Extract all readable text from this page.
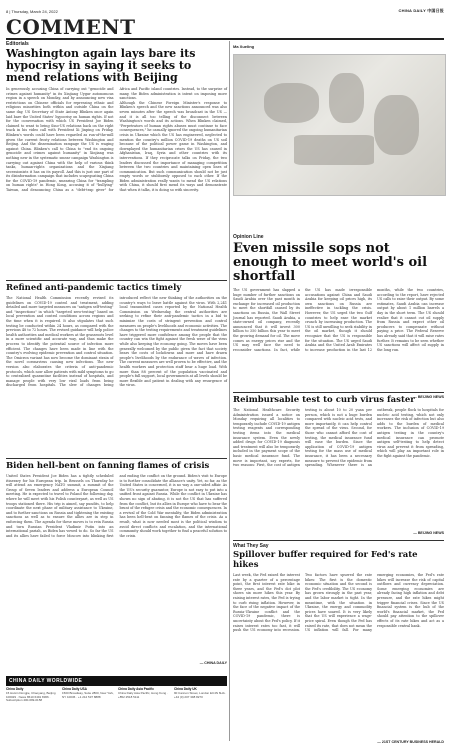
8 | Thursday, March 24, 2022	CHINA DAILY 中国日报
COMMENT
Editorials
Washington again lays bare its hypocrisy in saying it seeks to mend relations with Beijing

In generously accusing China of carrying out "genocide and crimes against humanity" in its Xinjiang Uygur autonomous region in a speech on Monday, and by announcing new visa restrictions on Chinese officials for repressing ethnic and religious minorities both within and outside China on the same day, US Secretary of State Antony Blinken once again laid bare the United States' hypocrisy on human rights. If not for the conversation with which US President Joe Biden claimed to want to bring Sino-US relations back on the right track in his video call with President Xi Jinping on Friday, Blinken's words could have been regarded as run-of-the-mill given the current frosty relations between Washington and Beijing. And the dissemination rampage the US is waging against China. Blinken's call to China to "end its ongoing genocide and crimes against humanity" in Xinjiang was nothing new in the systematic smear campaign Washington is carrying out against China with the help of various think tanks, human-rights organizations and the Xinjiang secessionists it has on its payroll. And this is just one part of its disinformation campaign that includes scapegoating China for the COVID-19 pandemic, smearing China for "trampling on human rights" in Hong Kong, accusing it of "bullying" Taiwan, and denouncing China as a "debt-trap giver" for Africa and Pacific island countries. Instead, to the surprise of many, the Biden administration is intent on imposing more sanctions.

Although the Chinese Foreign Minister's response to Blinken's speech and the new sanctions announced was also seven minutes after the speech was broadcast in the US — and it is all too telling of the disconnect between Washington's words and its actions. When Blinken claimed, "Perpetrators of human rights abuses must continue to face consequences," he casually ignored the ongoing humanitarian crisis in Ukraine which the US has engineered, neglected to mention the country's million COVID-19 deaths on US soil because of the political power game in Washington, and downplayed the humanitarian crises the US has caused in Afghanistan, Iraq, Syria and other countries with its interventions. If they reciprocate talks on Friday, the two leaders discussed the importance of managing competition between the two countries and maintaining open lines of communication. But such communication should not be just empty words or stubbornly opposed to each other. If the Biden administration really wants to mend the US relations with China, it should first mend its ways and demonstrate that when it talks, it is doing so with sincerity.

Refined anti-pandemic tactics timely

The National Health Commission recently revised its guidelines on COVID-19 control and treatment, adding detailed and more targeted measures on "antigen self-testing" and "inspections" in which "targeted zero-testing" based on local prevention and control conditions across regions and the time when it is required. It also stipulates that such testing be conducted within 24 hours, as compared with the previous 48 to 72 hours. The revised guidance will help police health authorities and medical workers at the grassroots level in a more scientific and accurate way, and thus make the process to identify the potential source of infection more efficient. The changes have been made in line with the country's evolving epidemic prevention and control situation. The Omicron variant has now become the dominant strain of the novel coronavirus causing new infections. The new version also elaborates the criteria of anti-pandemic protocols, which now allow patients with mild symptoms to go to centralized quarantine facilities instead of hospitals, and manage people with very low viral loads from being discharged from hospitals. The slew of changes being introduced reflect the new thinking of the authorities on the country's ways to leave battle against the virus. With 2,241 local transmitted cases reported by the National Health Commission on Wednesday, the central authorities are seeking to refine their anti-pandemic tactics in a bid to minimize the costs of stringent prevention and control measures on people's livelihoods and economic activities. The changes to the testing requirements and treatment guidelines have triggered more confidence among the people that the country can win the fight against the fresh wave of the virus while also keeping the economy going. The moves have been generally welcomed by the public given the fact that society bears the costs of lockdowns and more and have drawn people's livelihoods by the endurance of waves of infection. The current measures are well proven to be effective, and the health workers and protection staff bear a huge load. With more than 88 percent of the population vaccinated and people's full support, local governments at all levels should be more flexible and patient in dealing with any resurgence of the virus.

Biden hell-bent on fanning flames of crisis

United States President Joe Biden has a tightly scheduled itinerary for his European trip. In Brussels on Thursday he will attend an emergency NATO summit, a summit of the Group of Seven leaders and address a European Council meeting. He is expected to travel to Poland the following day, where he will meet with his Polish counterpart, as well as US troops stationed there. His trip is aimed, say pundits, to help coordinate the next phase of military assistance to Ukraine, and to further sanctions on Russia and tightening the existing sanctions as well as to ensure the allies are in step in enforcing them. The agenda for these moves is to rein Russia and turn Russian President Vladimir Putin into an international pariah, as Biden has vowed to do. So far the US and its allies have failed to force Moscow into blinking first and ending the conflict on the ground. Biden's visit to Europe is to further consolidate the alliance's unity. Yet, so far, as the United States is concerned, it is no way a one-sided affair. As the US's security guarantor, Europe is not easy to put into a unified front against Russia. While the conflict in Ukraine has shown no sign of abating, it is not the US that has suffered from the conflict, but its allies in Europe who have to bear the brunt of the refugee crisis and the economic consequences. In a revival of the Cold War mentality, the Biden administration has been hell-bent on fanning the flames of the crisis. As a result, what is now needed most is the political wisdom to avoid direct conflicts and escalation, and the international community should work together to find a peaceful solution to the crisis.

— CHINA DAILY
CHINA DAILY WORLDWIDE
China Daily
15 Huixin Dongjie, Chaoyang, Beijing 100029 · News 8610 6491 8366 · Subscription 400-699-0158
China Daily USA
1500 Broadway, Suite 2800, New York, NY 10036 · +1 212 537 8888
China Daily Asia Pacific
China Daily Asia Pacific, Hong Kong · +852 2518 5111
China Daily UK
90 Cannon Street, London EC4N 6HA · +44 (0) 207 398 8270
Ma Xueling
Opinion Line
Even missile sops not enough to meet world's oil shortfall

The US government has slapped a huge number of further sanctions on Saudi Arabia over the past month in exchange for increased oil production to meet the shortfall caused by its sanctions on Russia, the Wall Street Journal has reported. Saudi Arabia, a state-owned oil company, recently announced that it will invest 300 billion to 350 billion this year to meet the growing demand for oil. The move comes as energy prices rise and the US may well face the need to reconsider sanctions. In fact, while the US has made irresponsible accusations against China and Saudi Arabia for keeping oil prices high, its own sanctions on Russia are ineffective in tackling the crisis. However, the US urged the two Gulf countries to help ease the market crunch by increasing production. The US is still unwilling to seek stability in the oil market, though it should recognize that the US is responsible for the situation. The US urged Saudi Arabia and the United Arab Emirates to increase production in the last 12 months, while the two countries, according to the report, have rejected US calls to raise their output. By some estimates, Saudi Arabia can increase output by about 1 million barrels a day in the short term. The US should realize that it cannot cut oil supply from Russia and expect other oil producers to compensate without paying a price. The Federal Reserve has already said that it will raise rates further. It remains to be seen whether US sanctions will affect oil supply in the long run.

— BEIJING NEWS
Reimbursable test to curb virus faster

The National Healthcare Security Administration issued a notice on Monday requiring all localities to temporarily include COVID-19 antigen testing reagents and corresponding testing items into the medical insurance system. Even the newly added drugs for COVID-19 diagnosis and treatment will also be temporarily included in the payment scope of the basic medical insurance fund. The move is important, say experts, for two reasons: First, the cost of antigen testing is about 10 to 20 yuan per person, which is not a huge burden compared with nucleic acid tests, and more importantly, it can help control the spread of the virus. Second, for those who cannot afford the cost of testing, the medical insurance fund will ease the burden. Since the application of COVID-19 antigen testing for the mass use of medical insurance, it has been a necessary measure to prevent the epidemic from spreading. Whenever there is an outbreak, people flock to hospitals for nucleic acid testing, which not only increases the risk of infection but also adds to the burden of medical workers. The inclusion of COVID-19 antigen testing in the country's medical insurance can promote antigen self-testing to help detect virus and prevent it from spreading, which will play an important role in the fight against the pandemic.

— BEIJING NEWS
What They Say
Spillover buffer required for Fed's rate hikes

Last week, the Fed raised the interest rate by a quarter of a percentage point, the first interest rate hike in three years, and the Fed's dot plot shows six more hikes this year. By raising interest rates, the Fed is trying to curb rising inflation. However, in the face of the negative impact of the Russia-Ukraine conflict and the COVID-19 pandemic, there is uncertainty about the Fed's policy. If it raises interest rates too fast, it will push the US economy into recession. Two factors have spurred the rate hikes: The first is the domestic economic situation and the second is the Fed's credibility. The US economy has grown strongly in the past year, and the labor market is tight. In the meantime, with the situation in Ukraine, the energy and commodity prices have soared. It is very likely that the US will experience a wage-price spiral. Even though the Fed has raised its rate, that does not mean the US inflation will fall. For many emerging economies, the Fed's rate hikes will increase the risk of capital outflows and currency depreciation. Some emerging economies are already facing high inflation and debt pressure, and the rate hikes might trigger financial crises. Since the US financial system is the hub of the world's financial market, the Fed should pay attention to the spillover effects of its rate hikes and act as a responsible central bank.

— 21ST CENTURY BUSINESS HERALD
